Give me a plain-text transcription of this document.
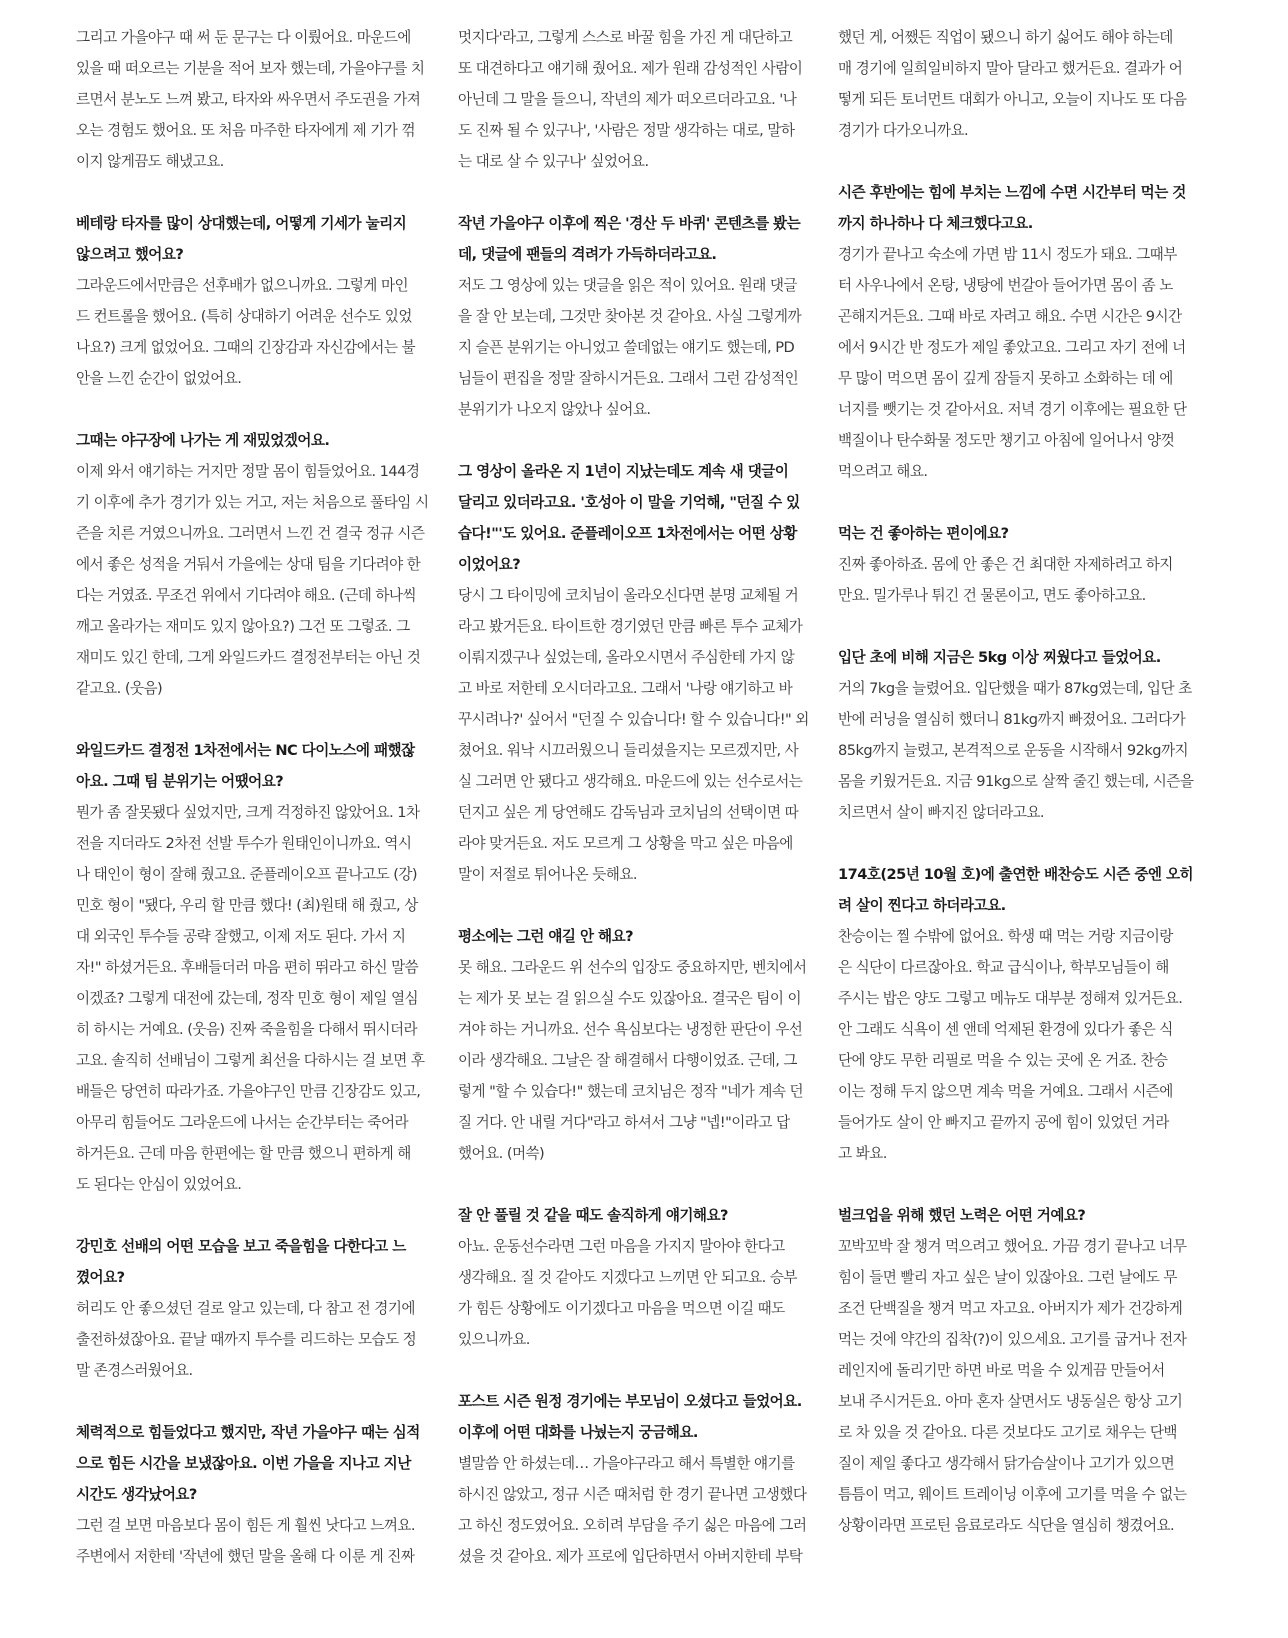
그리고 가을야구 때 써 둔 문구는 다 이뤘어요. 마운드에
있을 때 떠오르는 기분을 적어 보자 했는데, 가을야구를 치
르면서 분노도 느껴 봤고, 타자와 싸우면서 주도권을 가져
오는 경험도 했어요. 또 처음 마주한 타자에게 제 기가 꺾
이지 않게끔도 해냈고요.
베테랑 타자를 많이 상대했는데, 어떻게 기세가 눌리지
않으려고 했어요?
그라운드에서만큼은 선후배가 없으니까요. 그렇게 마인
드 컨트롤을 했어요. (특히 상대하기 어려운 선수도 있었
나요?) 크게 없었어요. 그때의 긴장감과 자신감에서는 불
안을 느낀 순간이 없었어요.
그때는 야구장에 나가는 게 재밌었겠어요.
이제 와서 얘기하는 거지만 정말 몸이 힘들었어요. 144경
기 이후에 추가 경기가 있는 거고, 저는 처음으로 풀타임 시
즌을 치른 거였으니까요. 그러면서 느낀 건 결국 정규 시즌
에서 좋은 성적을 거둬서 가을에는 상대 팀을 기다려야 한
다는 거였죠. 무조건 위에서 기다려야 해요. (근데 하나씩
깨고 올라가는 재미도 있지 않아요?) 그건 또 그렇죠. 그
재미도 있긴 한데, 그게 와일드카드 결정전부터는 아닌 것
같고요. (웃음)
와일드카드 결정전 1차전에서는 NC 다이노스에 패했잖
아요. 그때 팀 분위기는 어땠어요?
뭔가 좀 잘못됐다 싶었지만, 크게 걱정하진 않았어요. 1차
전을 지더라도 2차전 선발 투수가 원태인이니까요. 역시
나 태인이 형이 잘해 줬고요. 준플레이오프 끝나고도 (강)
민호 형이 "됐다, 우리 할 만큼 했다! (최)원태 해 줬고, 상
대 외국인 투수들 공략 잘했고, 이제 저도 된다. 가서 지
자!" 하셨거든요. 후배들더러 마음 편히 뛰라고 하신 말씀
이겠죠? 그렇게 대전에 갔는데, 정작 민호 형이 제일 열심
히 하시는 거예요. (웃음) 진짜 죽을힘을 다해서 뛰시더라
고요. 솔직히 선배님이 그렇게 최선을 다하시는 걸 보면 후
배들은 당연히 따라가죠. 가을야구인 만큼 긴장감도 있고,
아무리 힘들어도 그라운드에 나서는 순간부터는 죽어라
하거든요. 근데 마음 한편에는 할 만큼 했으니 편하게 해
도 된다는 안심이 있었어요.
강민호 선배의 어떤 모습을 보고 죽을힘을 다한다고 느
꼈어요?
허리도 안 좋으셨던 걸로 알고 있는데, 다 참고 전 경기에
출전하셨잖아요. 끝날 때까지 투수를 리드하는 모습도 정
말 존경스러웠어요.
체력적으로 힘들었다고 했지만, 작년 가을야구 때는 심적
으로 힘든 시간을 보냈잖아요. 이번 가을을 지나고 지난
시간도 생각났어요?
그런 걸 보면 마음보다 몸이 힘든 게 훨씬 낫다고 느껴요.
주변에서 저한테 '작년에 했던 말을 올해 다 이룬 게 진짜
멋지다'라고, 그렇게 스스로 바꿀 힘을 가진 게 대단하고
또 대견하다고 얘기해 줬어요. 제가 원래 감성적인 사람이
아닌데 그 말을 들으니, 작년의 제가 떠오르더라고요. '나
도 진짜 될 수 있구나', '사람은 정말 생각하는 대로, 말하
는 대로 살 수 있구나' 싶었어요.
작년 가을야구 이후에 찍은 '경산 두 바퀴' 콘텐츠를 봤는
데, 댓글에 팬들의 격려가 가득하더라고요.
저도 그 영상에 있는 댓글을 읽은 적이 있어요. 원래 댓글
을 잘 안 보는데, 그것만 찾아본 것 같아요. 사실 그렇게까
지 슬픈 분위기는 아니었고 쓸데없는 얘기도 했는데, PD
님들이 편집을 정말 잘하시거든요. 그래서 그런 감성적인
분위기가 나오지 않았나 싶어요.
그 영상이 올라온 지 1년이 지났는데도 계속 새 댓글이
달리고 있더라고요. '호성아 이 말을 기억해, "던질 수 있
습다!"'도 있어요. 준플레이오프 1차전에서는 어떤 상황
이었어요?
당시 그 타이밍에 코치님이 올라오신다면 분명 교체될 거
라고 봤거든요. 타이트한 경기였던 만큼 빠른 투수 교체가
이뤄지겠구나 싶었는데, 올라오시면서 주심한테 가지 않
고 바로 저한테 오시더라고요. 그래서 '나랑 얘기하고 바
꾸시려나?' 싶어서 "던질 수 있습니다! 할 수 있습니다!" 외
쳤어요. 워낙 시끄러웠으니 들리셨을지는 모르겠지만, 사
실 그러면 안 됐다고 생각해요. 마운드에 있는 선수로서는
던지고 싶은 게 당연해도 감독님과 코치님의 선택이면 따
라야 맞거든요. 저도 모르게 그 상황을 막고 싶은 마음에
말이 저절로 튀어나온 듯해요.
평소에는 그런 얘길 안 해요?
못 해요. 그라운드 위 선수의 입장도 중요하지만, 벤치에서
는 제가 못 보는 걸 읽으실 수도 있잖아요. 결국은 팀이 이
겨야 하는 거니까요. 선수 욕심보다는 냉정한 판단이 우선
이라 생각해요. 그날은 잘 해결해서 다행이었죠. 근데, 그
렇게 "할 수 있습다!" 했는데 코치님은 정작 "네가 계속 던
질 거다. 안 내릴 거다"라고 하셔서 그냥 "넵!"이라고 답
했어요. (머쓱)
잘 안 풀릴 것 같을 때도 솔직하게 얘기해요?
아뇨. 운동선수라면 그런 마음을 가지지 말아야 한다고
생각해요. 질 것 같아도 지겠다고 느끼면 안 되고요. 승부
가 힘든 상황에도 이기겠다고 마음을 먹으면 이길 때도
있으니까요.
포스트 시즌 원정 경기에는 부모님이 오셨다고 들었어요.
이후에 어떤 대화를 나눴는지 궁금해요.
별말씀 안 하셨는데… 가을야구라고 해서 특별한 얘기를
하시진 않았고, 정규 시즌 때처럼 한 경기 끝나면 고생했다
고 하신 정도였어요. 오히려 부담을 주기 싫은 마음에 그러
셨을 것 같아요. 제가 프로에 입단하면서 아버지한테 부탁
했던 게, 어쨌든 직업이 됐으니 하기 싫어도 해야 하는데
매 경기에 일희일비하지 말아 달라고 했거든요. 결과가 어
떻게 되든 토너먼트 대회가 아니고, 오늘이 지나도 또 다음
경기가 다가오니까요.
시즌 후반에는 힘에 부치는 느낌에 수면 시간부터 먹는 것
까지 하나하나 다 체크했다고요.
경기가 끝나고 숙소에 가면 밤 11시 정도가 돼요. 그때부
터 사우나에서 온탕, 냉탕에 번갈아 들어가면 몸이 좀 노
곤해지거든요. 그때 바로 자려고 해요. 수면 시간은 9시간
에서 9시간 반 정도가 제일 좋았고요. 그리고 자기 전에 너
무 많이 먹으면 몸이 깊게 잠들지 못하고 소화하는 데 에
너지를 뺏기는 것 같아서요. 저녁 경기 이후에는 필요한 단
백질이나 탄수화물 정도만 챙기고 아침에 일어나서 양껏
먹으려고 해요.
먹는 건 좋아하는 편이에요?
진짜 좋아하죠. 몸에 안 좋은 건 최대한 자제하려고 하지
만요. 밀가루나 튀긴 건 물론이고, 면도 좋아하고요.
입단 초에 비해 지금은 5kg 이상 찌웠다고 들었어요.
거의 7kg을 늘렸어요. 입단했을 때가 87kg였는데, 입단 초
반에 러닝을 열심히 했더니 81kg까지 빠졌어요. 그러다가
85kg까지 늘렸고, 본격적으로 운동을 시작해서 92kg까지
몸을 키웠거든요. 지금 91kg으로 살짝 줄긴 했는데, 시즌을
치르면서 살이 빠지진 않더라고요.
174호(25년 10월 호)에 출연한 배찬승도 시즌 중엔 오히
려 살이 찐다고 하더라고요.
찬승이는 찔 수밖에 없어요. 학생 때 먹는 거랑 지금이랑
은 식단이 다르잖아요. 학교 급식이나, 학부모님들이 해
주시는 밥은 양도 그렇고 메뉴도 대부분 정해져 있거든요.
안 그래도 식욕이 센 앤데 억제된 환경에 있다가 좋은 식
단에 양도 무한 리필로 먹을 수 있는 곳에 온 거죠. 찬승
이는 정해 두지 않으면 계속 먹을 거예요. 그래서 시즌에
들어가도 살이 안 빠지고 끝까지 공에 힘이 있었던 거라
고 봐요.
벌크업을 위해 했던 노력은 어떤 거예요?
꼬박꼬박 잘 챙겨 먹으려고 했어요. 가끔 경기 끝나고 너무
힘이 들면 빨리 자고 싶은 날이 있잖아요. 그런 날에도 무
조건 단백질을 챙겨 먹고 자고요. 아버지가 제가 건강하게
먹는 것에 약간의 집착(?)이 있으세요. 고기를 굽거나 전자
레인지에 돌리기만 하면 바로 먹을 수 있게끔 만들어서
보내 주시거든요. 아마 혼자 살면서도 냉동실은 항상 고기
로 차 있을 것 같아요. 다른 것보다도 고기로 채우는 단백
질이 제일 좋다고 생각해서 닭가슴살이나 고기가 있으면
틈틈이 먹고, 웨이트 트레이닝 이후에 고기를 먹을 수 없는
상황이라면 프로틴 음료로라도 식단을 열심히 챙겼어요.
